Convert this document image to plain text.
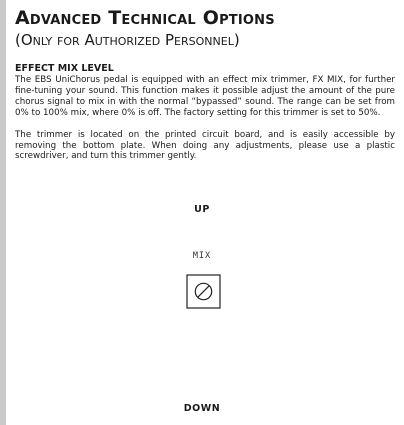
Advanced Technical Options

(Only for Authorized Personnel)

EFFECT MIX LEVEL

The EBS UniChorus pedal is equipped with an effect mix trimmer, FX MIX, for further fine-tuning your sound. This function makes it possible adjust the amount of the pure chorus signal to mix in with the normal “bypassed” sound. The range can be set from 0% to 100% mix, where 0% is off. The factory setting for this trimmer is set to 50%.

The trimmer is located on the printed circuit board, and is easily accessible by removing the bottom plate. When doing any adjustments, please use a plastic screwdriver, and turn this trimmer gently.

UP
MIX
DOWN
